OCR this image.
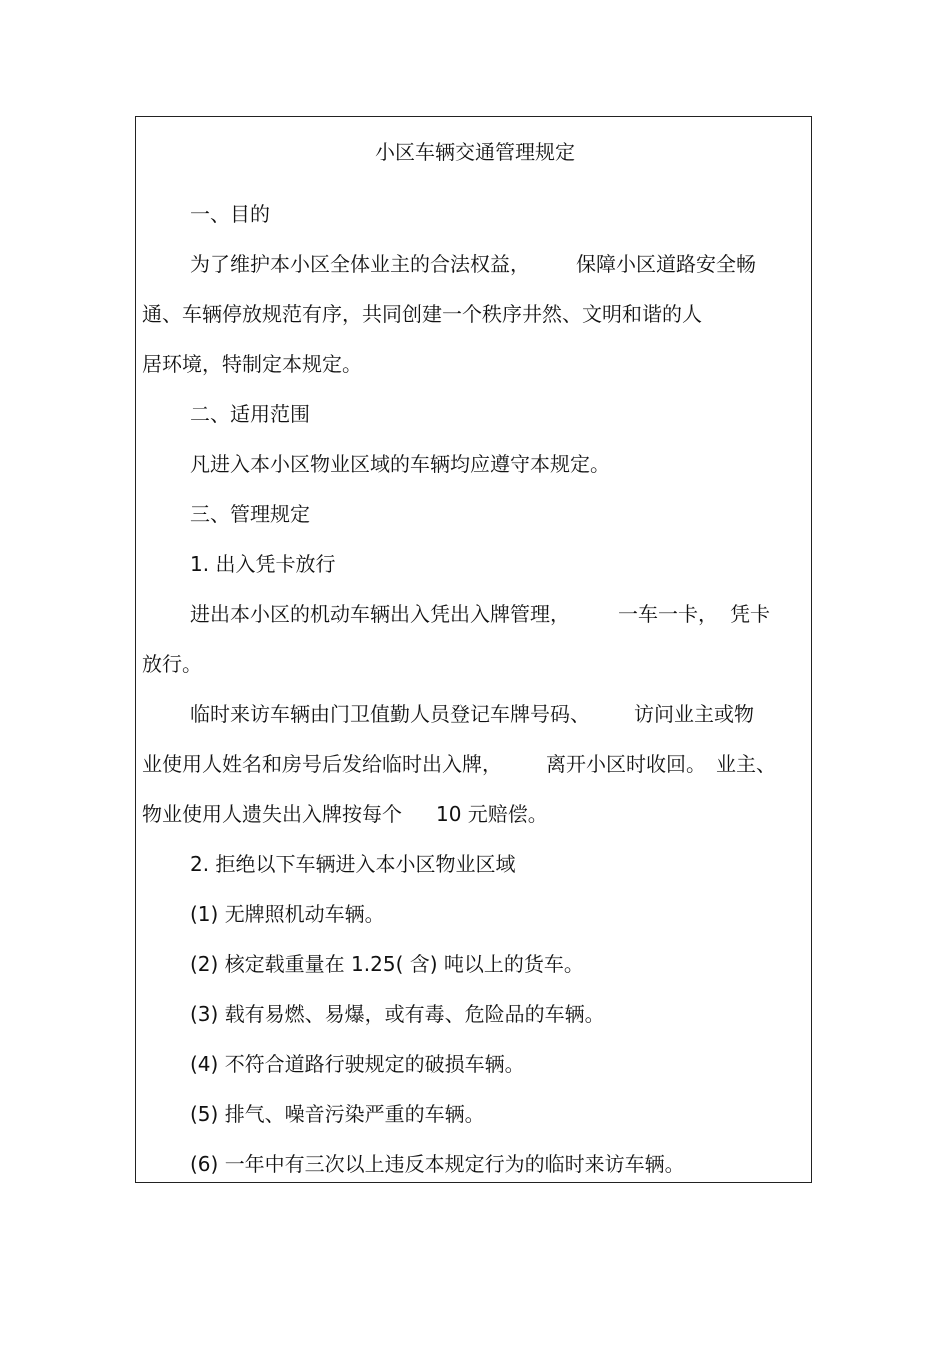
小区车辆交通管理规定

一、目的

为了维护本小区全体业主的合法权益， 保障小区道路安全畅

通、车辆停放规范有序，共同创建一个秩序井然、文明和谐的人

居环境，特制定本规定。

二、适用范围

凡进入本小区物业区域的车辆均应遵守本规定。

三、管理规定

1. 出入凭卡放行

进出本小区的机动车辆出入凭出入牌管理， 一车一卡， 凭卡

放行。

临时来访车辆由门卫值勤人员登记车牌号码、 访问业主或物

业使用人姓名和房号后发给临时出入牌， 离开小区时收回。 业主、

物业使用人遗失出入牌按每个 10 元赔偿。

2. 拒绝以下车辆进入本小区物业区域

(1) 无牌照机动车辆。

(2) 核定载重量在 1.25( 含) 吨以上的货车。

(3) 载有易燃、易爆，或有毒、危险品的车辆。

(4) 不符合道路行驶规定的破损车辆。

(5) 排气、噪音污染严重的车辆。

(6) 一年中有三次以上违反本规定行为的临时来访车辆。
